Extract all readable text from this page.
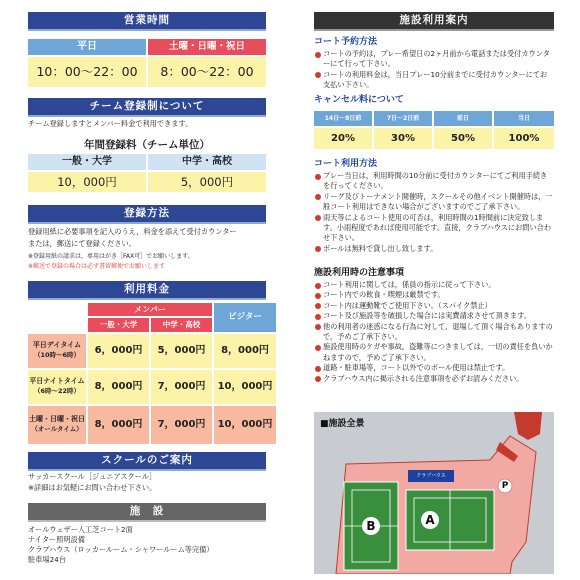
営業時間
平日	土曜・日曜・祝日
10：00〜22：00	8：00〜22：00
チーム登録制について
チーム登録しますとメンバー料金で利用できます。
年間登録料（チーム単位）
一般・大学	中学・高校
10，000円	5，000円
登録方法
登録用紙に必要事項を記入のうえ，料金を添えて受付カウンター
または，郵送にて登録ください。
※登録用紙の請求は，専用はがき［FAX可］でお願いします。
※郵送で登録の場合は必ず書留郵便でお願いします
利用料金
メンバー
一般・大学	中学・高校
ビジター
平日デイタイム
（10時〜6時）	6，000円	5，000円	8，000円
平日ナイトタイム
（6時〜22時）	8，000円	7，000円	10，000円
土曜・日曜・祝日
（オールタイム）	8，000円	7，000円	10，000円
スクールのご案内
サッカースクール［ジュニアスクール］
※詳細はお気軽にお問い合わせ下さい。
施　設
オールウェザー人工芝コート2面
ナイター照明設備
クラブハウス（ロッカールーム・シャワールーム等完備）
駐車場24台
施設利用案内
コート予約方法
コートの予約は，プレー希望日の2ヶ月前から電話または受付カウンターにて行って下さい。
コートの利用料金は，当日プレー10分前までに受付カウンターにてお支払い下さい。
キャンセル料について
14日〜8日前	7日〜2日前	前日	当日
20%	30%	50%	100%
コート利用方法
プレー当日は，利用時間の10分前に受付カウンターにてご利用手続きを行ってください。
リーグ及びトーナメント開催時，スクールその他イベント開催時は，一般コート利用はできない場合がございますのでご了承下さい。
雨天等によるコート使用の可否は，利用時間の1時間前に決定致します。小雨程度であれば使用可能です。直接，クラブハウスにお問い合わせ下さい。
ボールは無料で貸し出し致します。
施設利用時の注意事項
コート利用に関しては，係員の指示に従って下さい。
コート内での飲食・喫煙は厳禁です。
コート内は運動靴でご使用下さい。（スパイク禁止）
コート及び施設等を破損した場合には実費請求させて頂きます。
他の利用者の迷惑になる行為に対して，退場して頂く場合もありますので，予めご了承下さい。
施設使用時のケガや事故，盗難等につきましては，一切の責任を負いかねますので，予めご了承下さい。
道路・駐車場等，コート以外でのボール使用は禁止です。
クラブハウス内に掲示される注意事項を必ずお読みください。
■施設全景
クラブハウス
A
B
P
